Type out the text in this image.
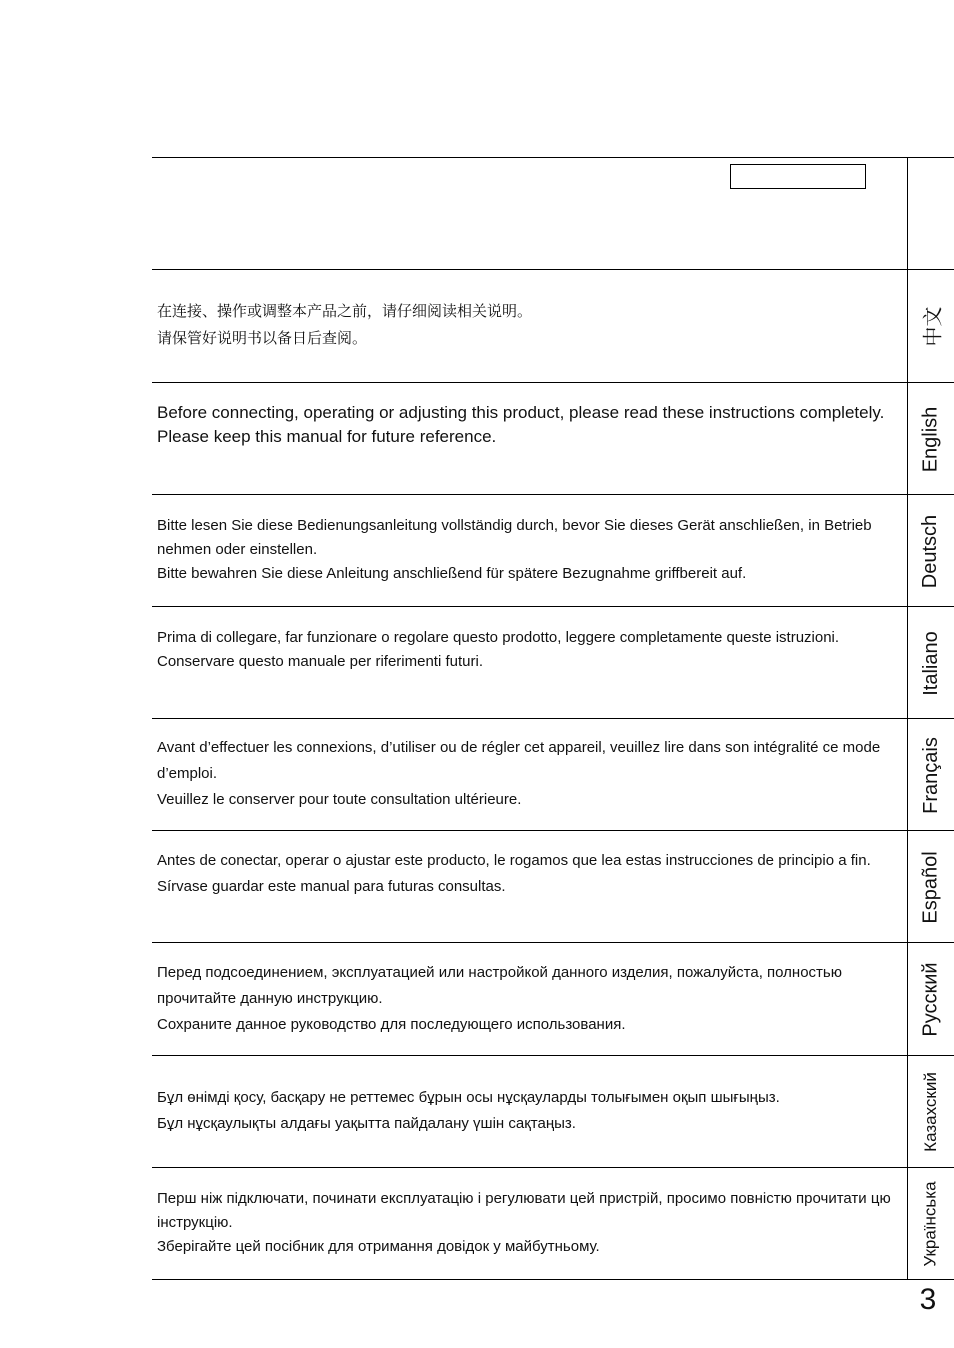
在连接、操作或调整本产品之前，请仔细阅读相关说明。

请保管好说明书以备日后查阅。	中文

Before connecting, operating or adjusting this product, please read these instructions completely.

Please keep this manual for future reference.	English

Bitte lesen Sie diese Bedienungsanleitung vollständig durch, bevor Sie dieses Gerät anschließen, in Betrieb nehmen oder einstellen.

Bitte bewahren Sie diese Anleitung anschließend für spätere Bezugnahme griffbereit auf.	Deutsch

Prima di collegare, far funzionare o regolare questo prodotto, leggere completamente queste istruzioni.

Conservare questo manuale per riferimenti futuri.	Italiano

Avant d’effectuer les connexions, d’utiliser ou de régler cet appareil, veuillez lire dans son intégralité ce mode d’emploi.

Veuillez le conserver pour toute consultation ultérieure.	Français

Antes de conectar, operar o ajustar este producto, le rogamos que lea estas instrucciones de principio a fin.

Sírvase guardar este manual para futuras consultas.	Español

Перед подсоединением, эксплуатацией или настройкой данного изделия, пожалуйста, полностью прочитайте данную инструкцию.

Сохраните данное руководство для последующего использования.	Русский

Бұл өнімді қосу, басқару не реттемес бұрын осы нұсқауларды толығымен оқып шығыңыз.

Бұл нұсқаулықты алдағы уақытта пайдалану үшін сақтаңыз.	Казахский

Перш ніж підключати, починати експлуатацію і регулювати цей пристрій, просимо повністю прочитати цю інструкцію.

Зберігайте цей посібник для отримання довідок у майбутньому.	Українська
3
